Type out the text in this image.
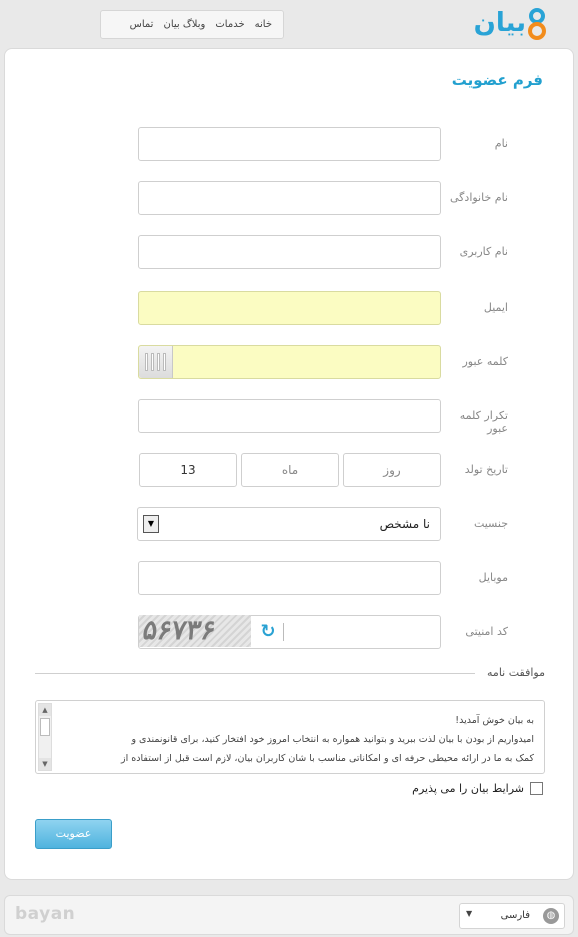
بیان
خانه
خدمات
وبلاگ بیان
تماس
فرم عضویت
نام
نام خانوادگی
نام کاربری
ایمیل
کلمه عبور
تکرار کلمه عبور
تاریخ تولد
روز
ماه
13
جنسیت
نا مشخص
▼
موبایل
کد امنیتی
۵۶۷۳۶ ↻
موافقت نامه
به بیان خوش آمدید!
امیدواریم از بودن با بیان لذت ببرید و بتوانید همواره به انتخاب امروز خود افتخار کنید، برای قانونمندی و
کمک به ما در ارائه محیطی حرفه ای و امکاناتی مناسب با شان کاربران بیان، لازم است قبل از استفاده از
▲
▼
شرایط بیان را می پذیرم
عضویت
bayan	◍
فارسی
▼
